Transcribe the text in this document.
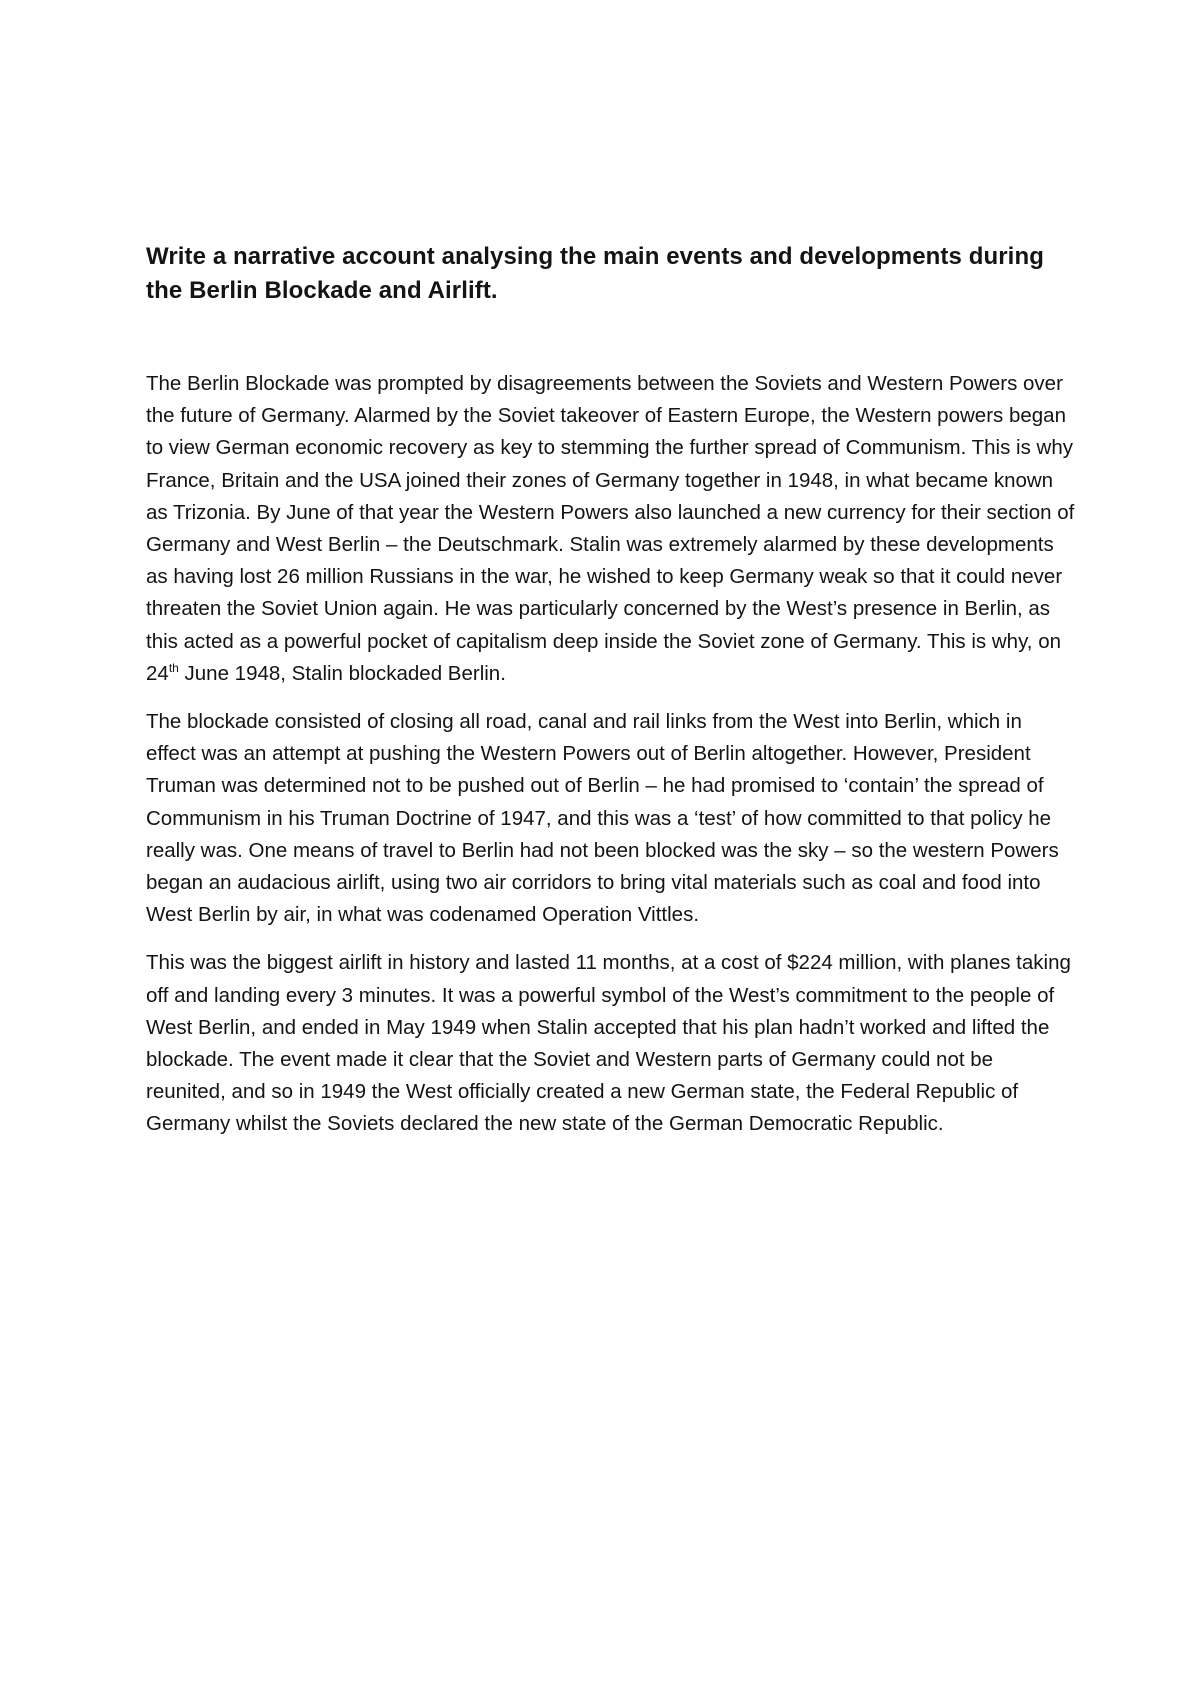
Write a narrative account analysing the main events and developments during the Berlin Blockade and Airlift.

The Berlin Blockade was prompted by disagreements between the Soviets and Western Powers over the future of Germany. Alarmed by the Soviet takeover of Eastern Europe, the Western powers began to view German economic recovery as key to stemming the further spread of Communism. This is why France, Britain and the USA joined their zones of Germany together in 1948, in what became known as Trizonia. By June of that year the Western Powers also launched a new currency for their section of Germany and West Berlin – the Deutschmark. Stalin was extremely alarmed by these developments as having lost 26 million Russians in the war, he wished to keep Germany weak so that it could never threaten the Soviet Union again. He was particularly concerned by the West’s presence in Berlin, as this acted as a powerful pocket of capitalism deep inside the Soviet zone of Germany. This is why, on 24th June 1948, Stalin blockaded Berlin.

The blockade consisted of closing all road, canal and rail links from the West into Berlin, which in effect was an attempt at pushing the Western Powers out of Berlin altogether. However, President Truman was determined not to be pushed out of Berlin – he had promised to ‘contain’ the spread of Communism in his Truman Doctrine of 1947, and this was a ‘test’ of how committed to that policy he really was. One means of travel to Berlin had not been blocked was the sky – so the western Powers began an audacious airlift, using two air corridors to bring vital materials such as coal and food into West Berlin by air, in what was codenamed Operation Vittles.

This was the biggest airlift in history and lasted 11 months, at a cost of $224 million, with planes taking off and landing every 3 minutes. It was a powerful symbol of the West’s commitment to the people of West Berlin, and ended in May 1949 when Stalin accepted that his plan hadn’t worked and lifted the blockade. The event made it clear that the Soviet and Western parts of Germany could not be reunited, and so in 1949 the West officially created a new German state, the Federal Republic of Germany whilst the Soviets declared the new state of the German Democratic Republic.
